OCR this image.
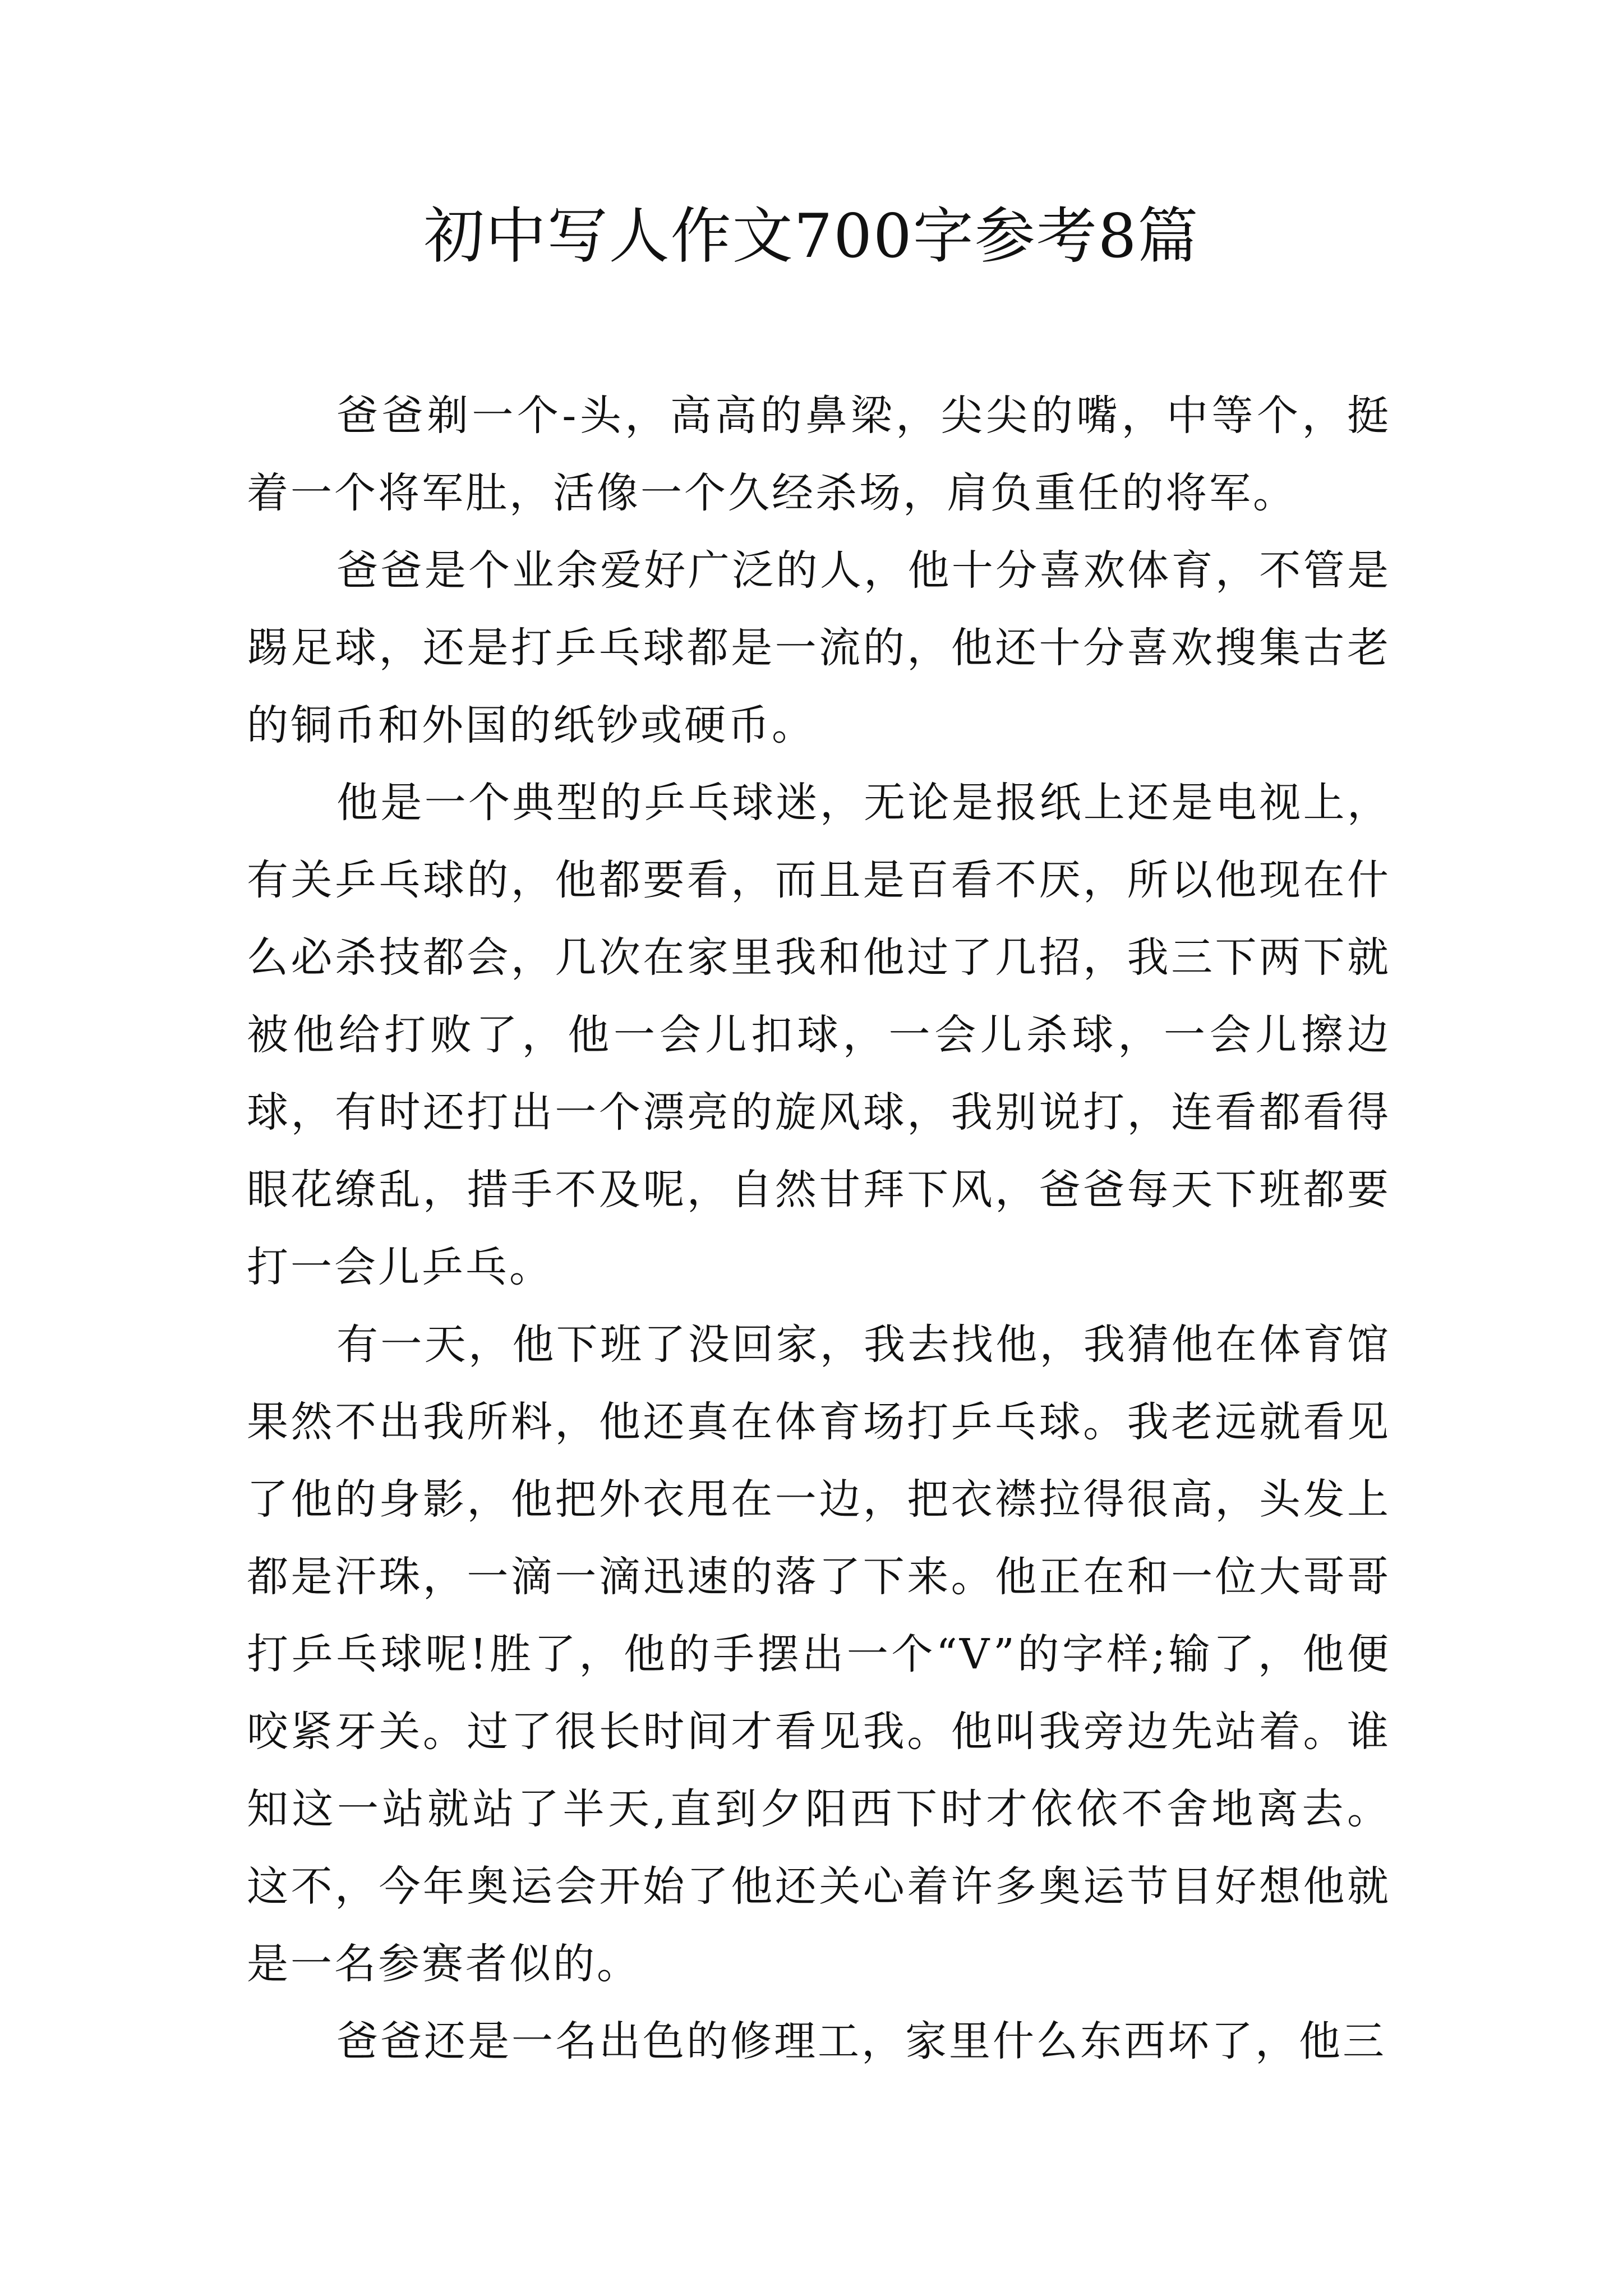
初中写人作文700字参考8篇

爸爸剃一个-头，高高的鼻梁，尖尖的嘴，中等个，挺着一个将军肚，活像一个久经杀场，肩负重任的将军。

爸爸是个业余爱好广泛的人，他十分喜欢体育，不管是踢足球，还是打乒乓球都是一流的，他还十分喜欢搜集古老的铜币和外国的纸钞或硬币。

他是一个典型的乒乓球迷，无论是报纸上还是电视上，有关乒乓球的，他都要看，而且是百看不厌，所以他现在什么必杀技都会，几次在家里我和他过了几招，我三下两下就被他给打败了，他一会儿扣球，一会儿杀球，一会儿擦边球，有时还打出一个漂亮的旋风球，我别说打，连看都看得眼花缭乱，措手不及呢，自然甘拜下风，爸爸每天下班都要打一会儿乒乓。

有一天，他下班了没回家，我去找他，我猜他在体育馆果然不出我所料，他还真在体育场打乒乓球。我老远就看见了他的身影，他把外衣甩在一边，把衣襟拉得很高，头发上都是汗珠，一滴一滴迅速的落了下来。他正在和一位大哥哥打乒乓球呢!胜了，他的手摆出一个“V”的字样;输了，他便咬紧牙关。过了很长时间才看见我。他叫我旁边先站着。谁知这一站就站了半天,直到夕阳西下时才依依不舍地离去。这不，今年奥运会开始了他还关心着许多奥运节目好想他就是一名参赛者似的。

爸爸还是一名出色的修理工，家里什么东西坏了，他三
